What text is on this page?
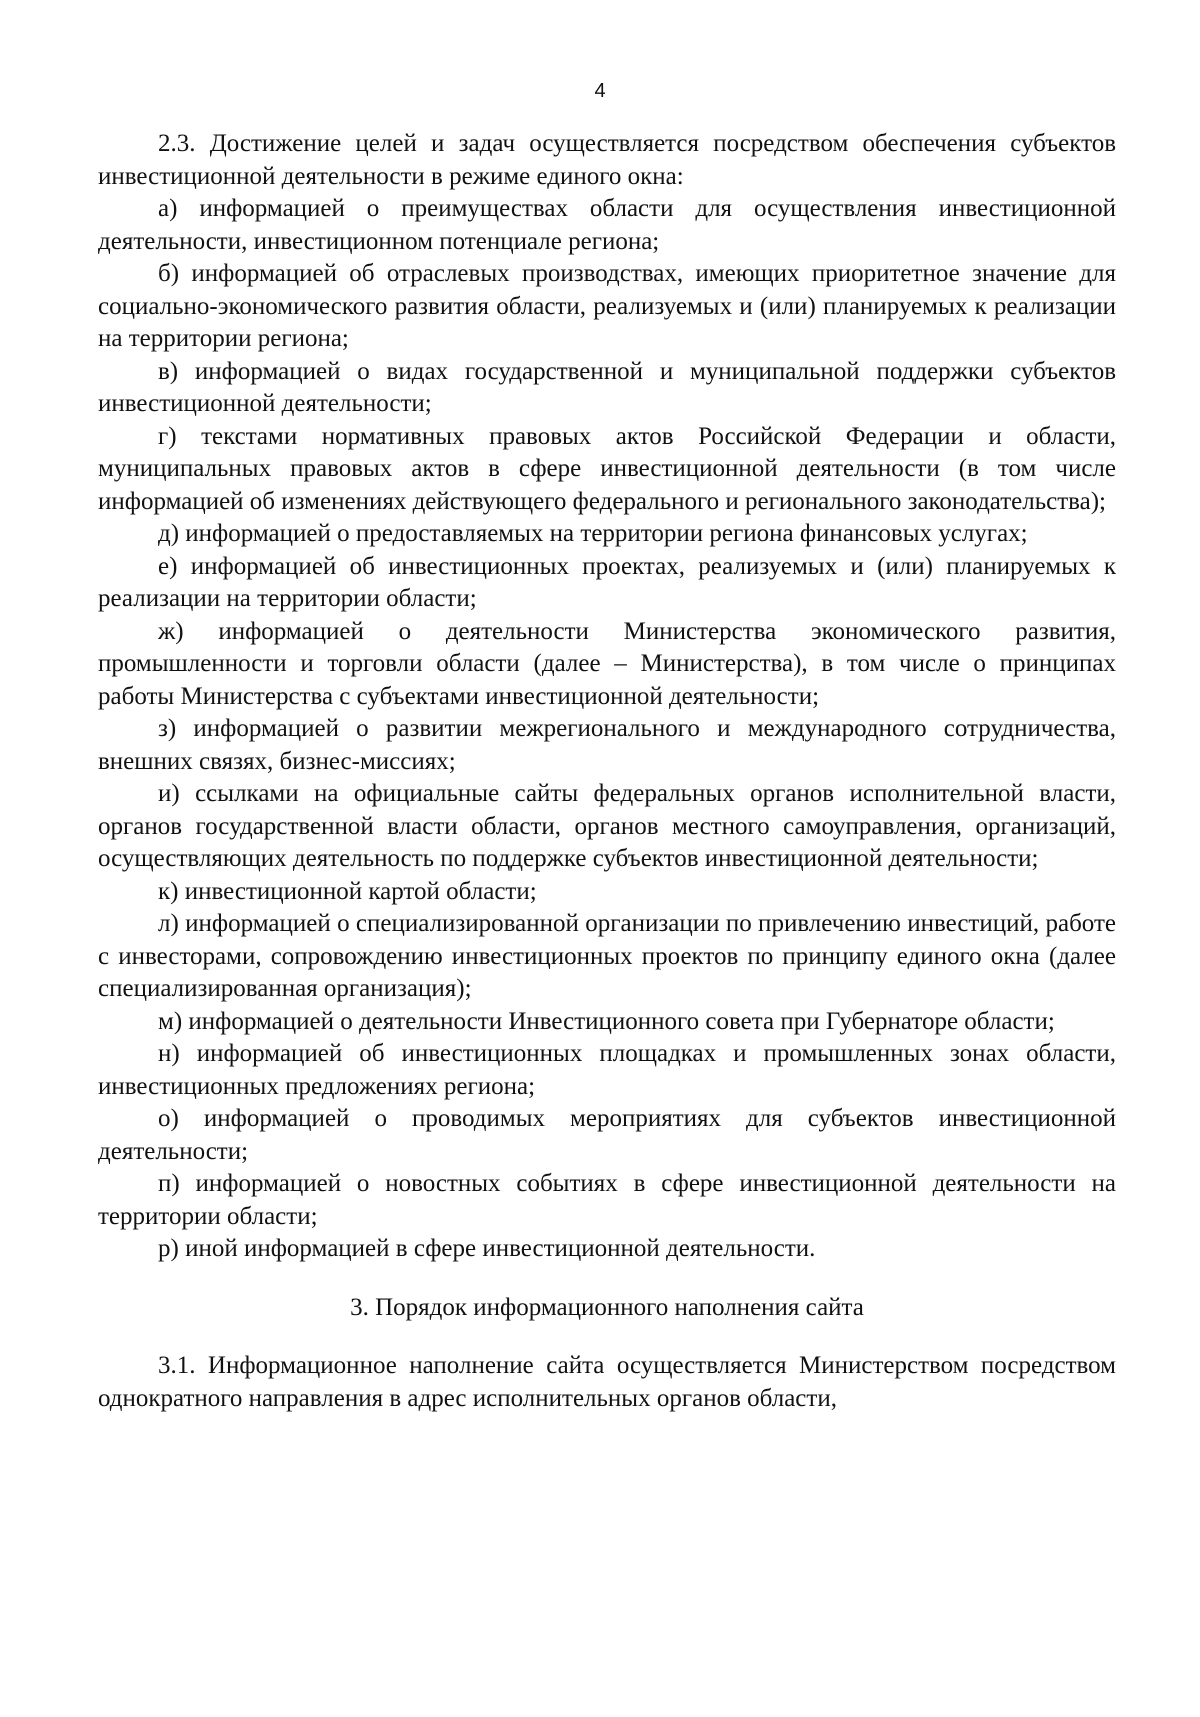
4

2.3. Достижение целей и задач осуществляется посредством обеспечения субъектов инвестиционной деятельности в режиме единого окна:

а) информацией о преимуществах области для осуществления инвестиционной деятельности, инвестиционном потенциале региона;

б) информацией об отраслевых производствах, имеющих приоритетное значение для социально-экономического развития области, реализуемых и (или) планируемых к реализации на территории региона;

в) информацией о видах государственной и муниципальной поддержки субъектов инвестиционной деятельности;

г) текстами нормативных правовых актов Российской Федерации и области, муниципальных правовых актов в сфере инвестиционной деятельности (в том числе информацией об изменениях действующего федерального и регионального законодательства);

д) информацией о предоставляемых на территории региона финансовых услугах;

е) информацией об инвестиционных проектах, реализуемых и (или) планируемых к реализации на территории области;

ж) информацией о деятельности Министерства экономического развития, промышленности и торговли области (далее – Министерства), в том числе о принципах работы Министерства с субъектами инвестиционной деятельности;

з) информацией о развитии межрегионального и международного сотрудничества, внешних связях, бизнес-миссиях;

и) ссылками на официальные сайты федеральных органов исполнительной власти, органов государственной власти области, органов местного самоуправления, организаций, осуществляющих деятельность по поддержке субъектов инвестиционной деятельности;

к) инвестиционной картой области;

л) информацией о специализированной организации по привлечению инвестиций, работе с инвесторами, сопровождению инвестиционных проектов по принципу единого окна (далее специализированная организация);

м) информацией о деятельности Инвестиционного совета при Губернаторе области;

н) информацией об инвестиционных площадках и промышленных зонах области, инвестиционных предложениях региона;

о) информацией о проводимых мероприятиях для субъектов инвестиционной деятельности;

п) информацией о новостных событиях в сфере инвестиционной деятельности на территории области;

р) иной информацией в сфере инвестиционной деятельности.

3. Порядок информационного наполнения сайта

3.1. Информационное наполнение сайта осуществляется Министерством посредством однократного направления в адрес исполнительных органов области,
